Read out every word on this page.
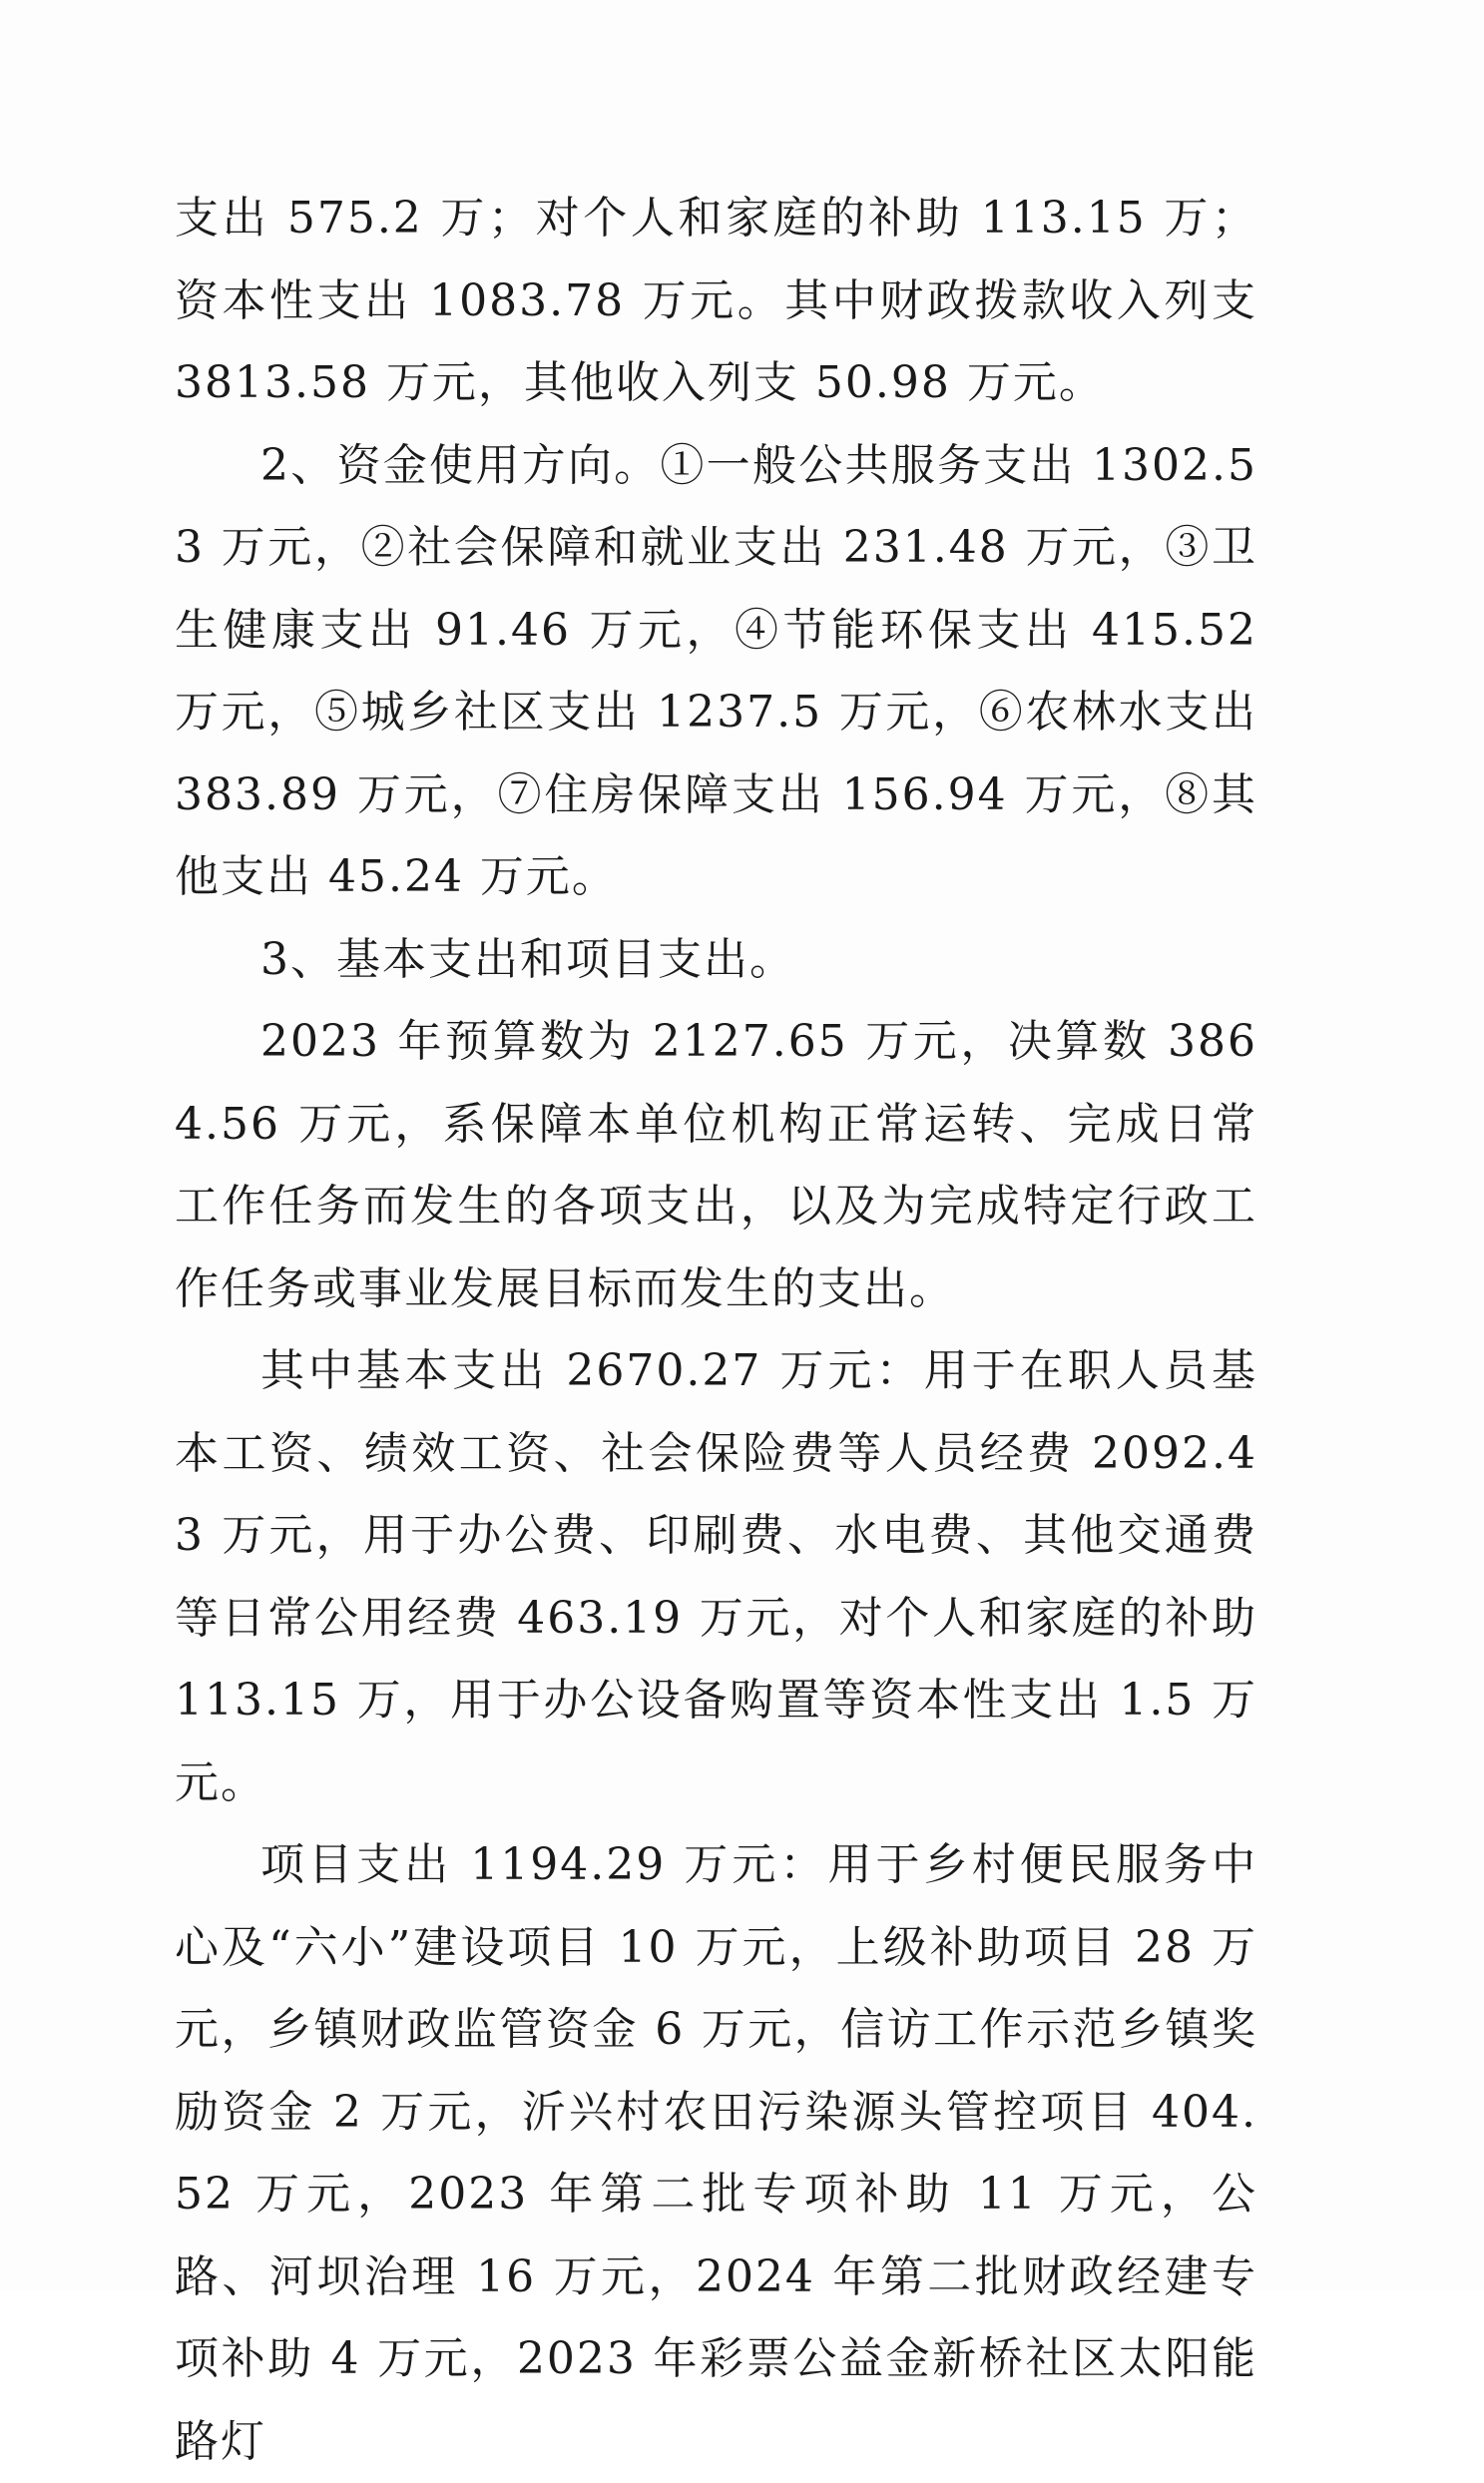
支出 575.2 万；对个人和家庭的补助 113.15 万；资本性支出 1083.78 万元。其中财政拨款收入列支 3813.58 万元，其他收入列支 50.98 万元。

2、资金使用方向。①一般公共服务支出 1302.53 万元，②社会保障和就业支出 231.48 万元，③卫生健康支出 91.46 万元，④节能环保支出 415.52 万元，⑤城乡社区支出 1237.5 万元，⑥农林水支出 383.89 万元，⑦住房保障支出 156.94 万元，⑧其他支出 45.24 万元。

3、基本支出和项目支出。

2023 年预算数为 2127.65 万元，决算数 3864.56 万元，系保障本单位机构正常运转、完成日常工作任务而发生的各项支出，以及为完成特定行政工作任务或事业发展目标而发生的支出。

其中基本支出 2670.27 万元：用于在职人员基本工资、绩效工资、社会保险费等人员经费 2092.43 万元，用于办公费、印刷费、水电费、其他交通费等日常公用经费 463.19 万元，对个人和家庭的补助 113.15 万，用于办公设备购置等资本性支出 1.5 万元。

项目支出 1194.29 万元：用于乡村便民服务中心及“六小”建设项目 10 万元，上级补助项目 28 万元，乡镇财政监管资金 6 万元，信访工作示范乡镇奖励资金 2 万元，沂兴村农田污染源头管控项目 404.52 万元，2023 年第二批专项补助 11 万元，公路、河坝治理 16 万元，2024 年第二批财政经建专项补助 4 万元，2023 年彩票公益金新桥社区太阳能路灯
